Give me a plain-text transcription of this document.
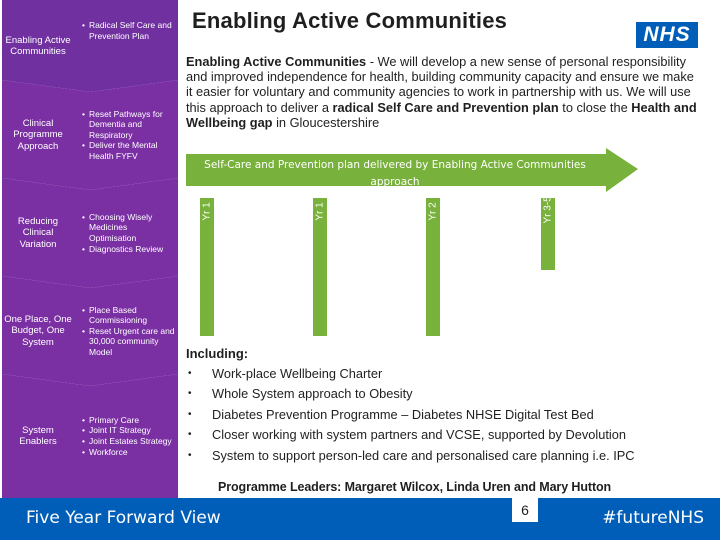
Enabling Active Communities
• Radical Self Care and Prevention Plan
Clinical Programme Approach
• Reset Pathways for Dementia and Respiratory
• Deliver the Mental Health FYFV
Reducing Clinical Variation
• Choosing Wisely Medicines Optimisation
• Diagnostics Review
One Place, One Budget, One System
• Place Based Commissioning
• Reset Urgent care and 30,000 community Model
System Enablers
• Primary Care
• Joint IT Strategy
• Joint Estates Strategy
• Workforce
Enabling Active Communities
NHS
Enabling Active Communities - We will develop a new sense of personal responsibility and improved independence for health, building community capacity and ensure we make it easier for voluntary and community agencies to work in partnership with us. We will use this approach to deliver a radical Self Care and Prevention plan to close the Health and Wellbeing gap in Gloucestershire
Self-Care and Prevention plan delivered by Enabling Active Communities approach
Yr 1 ▪ Continue to deliver Social Prescribing with system partners
Yr 1 ▪ Develop and initiate delivery of Prevention and Self Care plan
Yr 2 ▪	Support Prevention and Self Care plan with Social Movement public campaign
Yr 3-5 ▪	Learning from Yr 1 & 2 to set further priorities
Including:
• Work-place Wellbeing Charter
• Whole System approach to Obesity
• Diabetes Prevention Programme – Diabetes NHSE Digital Test Bed
• Closer working with system partners and VCSE, supported by Devolution
• System to support person-led care and personalised care planning i.e. IPC
Programme Leaders: Margaret Wilcox, Linda Uren and Mary Hutton
Five Year Forward View	6	#futureNHS
